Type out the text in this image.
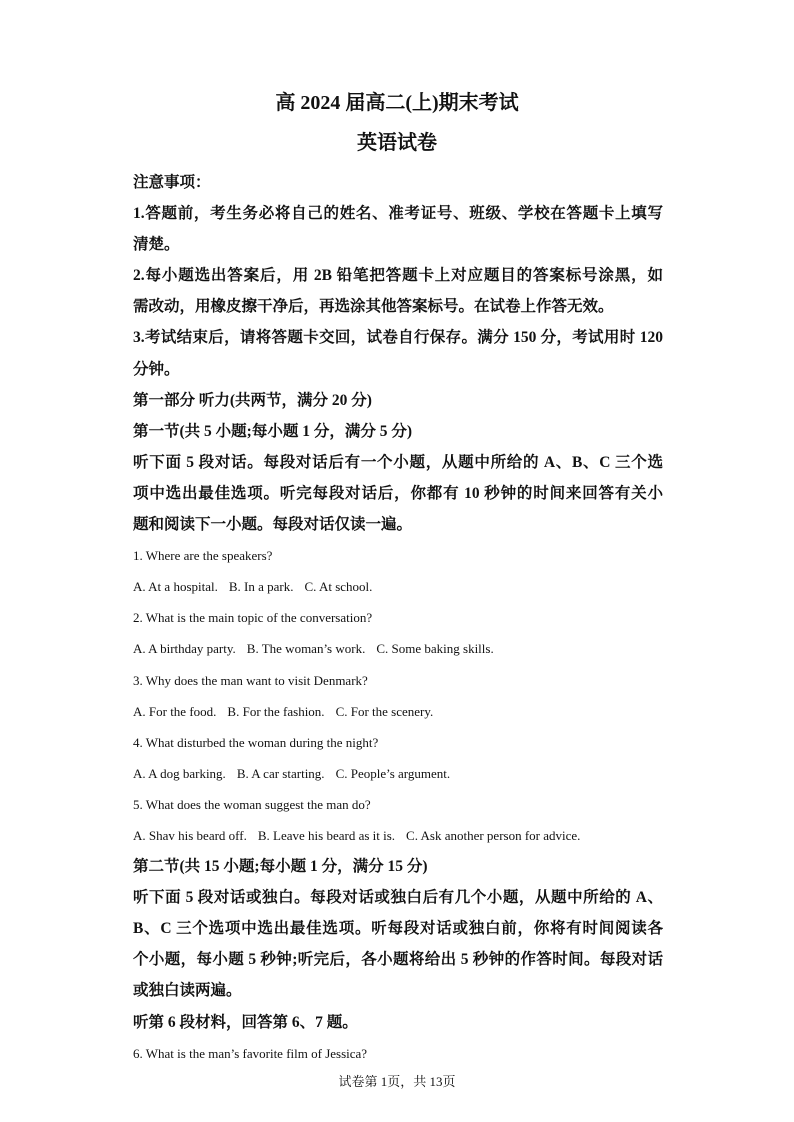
高 2024 届高二(上)期末考试
英语试卷
注意事项：
1.答题前，考生务必将自己的姓名、准考证号、班级、学校在答题卡上填写
清楚。
2.每小题选出答案后，用 2B 铅笔把答题卡上对应题目的答案标号涂黑，如
需改动，用橡皮擦干净后，再选涂其他答案标号。在试卷上作答无效。
3.考试结束后，请将答题卡交回，试卷自行保存。满分 150 分，考试用时 120
分钟。
第一部分 听力(共两节，满分 20 分)
第一节(共 5 小题;每小题 1 分，满分 5 分)
听下面 5 段对话。每段对话后有一个小题，从题中所给的 A、B、C 三个选
项中选出最佳选项。听完每段对话后，你都有 10 秒钟的时间来回答有关小
题和阅读下一小题。每段对话仅读一遍。
1. Where are the speakers?
A. At a hospital. B. In a park. C. At school.
2. What is the main topic of the conversation?
A. A birthday party. B. The woman’s work. C. Some baking skills.
3. Why does the man want to visit Denmark?
A. For the food. B. For the fashion. C. For the scenery.
4. What disturbed the woman during the night?
A. A dog barking. B. A car starting. C. People’s argument.
5. What does the woman suggest the man do?
A. Shav his beard off. B. Leave his beard as it is. C. Ask another person for advice.
第二节(共 15 小题;每小题 1 分，满分 15 分)
听下面 5 段对话或独白。每段对话或独白后有几个小题，从题中所给的 A、
B、C 三个选项中选出最佳选项。听每段对话或独白前，你将有时间阅读各
个小题，每小题 5 秒钟;听完后，各小题将给出 5 秒钟的作答时间。每段对话
或独白读两遍。
听第 6 段材料，回答第 6、7 题。
6. What is the man’s favorite film of Jessica?
试卷第 1页，共 13页
